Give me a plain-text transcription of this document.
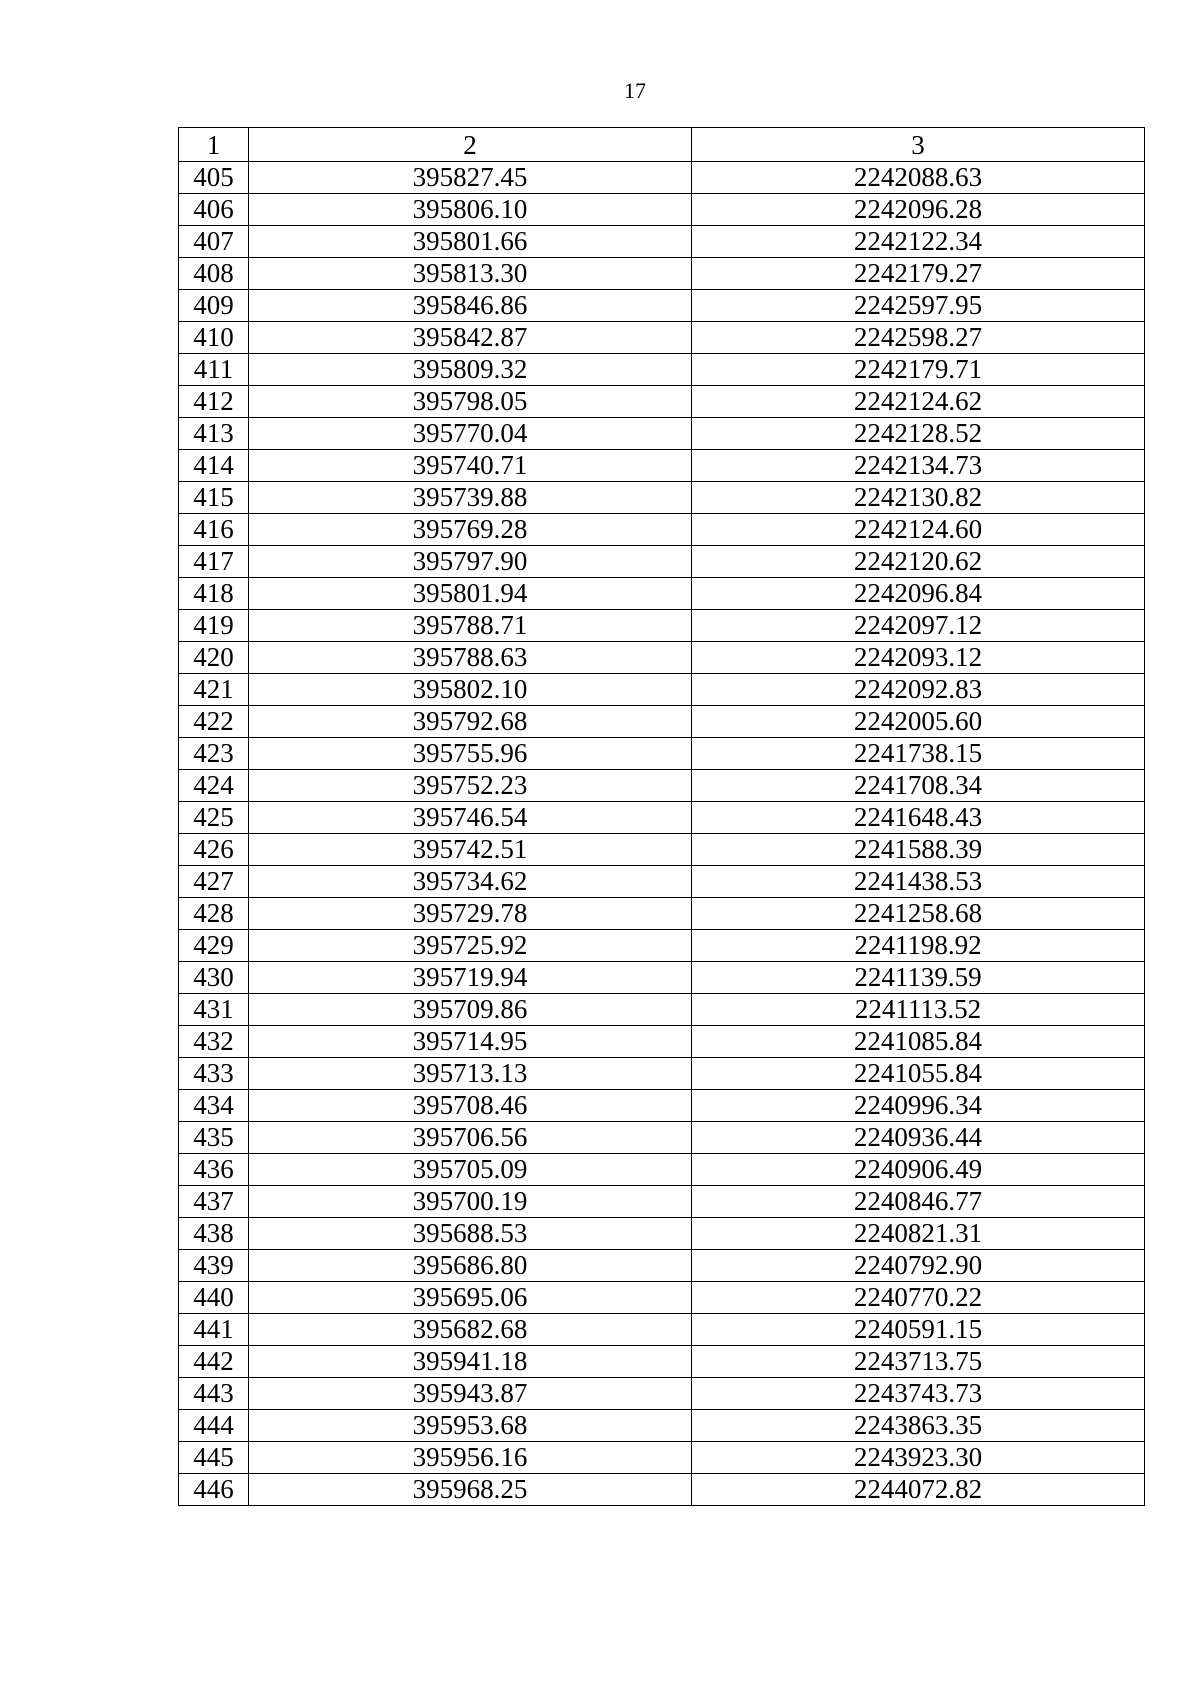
17
1	2	3
405	395827.45	2242088.63
406	395806.10	2242096.28
407	395801.66	2242122.34
408	395813.30	2242179.27
409	395846.86	2242597.95
410	395842.87	2242598.27
411	395809.32	2242179.71
412	395798.05	2242124.62
413	395770.04	2242128.52
414	395740.71	2242134.73
415	395739.88	2242130.82
416	395769.28	2242124.60
417	395797.90	2242120.62
418	395801.94	2242096.84
419	395788.71	2242097.12
420	395788.63	2242093.12
421	395802.10	2242092.83
422	395792.68	2242005.60
423	395755.96	2241738.15
424	395752.23	2241708.34
425	395746.54	2241648.43
426	395742.51	2241588.39
427	395734.62	2241438.53
428	395729.78	2241258.68
429	395725.92	2241198.92
430	395719.94	2241139.59
431	395709.86	2241113.52
432	395714.95	2241085.84
433	395713.13	2241055.84
434	395708.46	2240996.34
435	395706.56	2240936.44
436	395705.09	2240906.49
437	395700.19	2240846.77
438	395688.53	2240821.31
439	395686.80	2240792.90
440	395695.06	2240770.22
441	395682.68	2240591.15
442	395941.18	2243713.75
443	395943.87	2243743.73
444	395953.68	2243863.35
445	395956.16	2243923.30
446	395968.25	2244072.82
